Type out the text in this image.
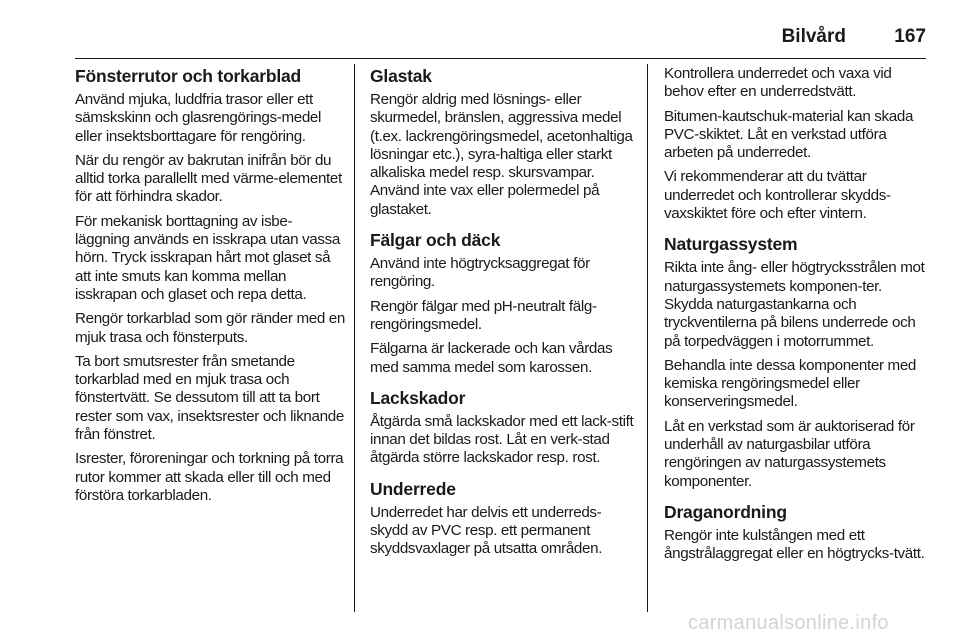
Bilvård	167
Fönsterrutor och torkarblad

Använd mjuka, luddfria trasor eller ett sämskskinn och glasrengörings-medel eller insektsborttagare för rengöring.

När du rengör av bakrutan inifrån bör du alltid torka parallellt med värme-elementet för att förhindra skador.

För mekanisk borttagning av isbe-läggning används en isskrapa utan vassa hörn. Tryck isskrapan hårt mot glaset så att inte smuts kan komma mellan isskrapan och glaset och repa detta.

Rengör torkarblad som gör ränder med en mjuk trasa och fönsterputs.

Ta bort smutsrester från smetande torkarblad med en mjuk trasa och fönstertvätt. Se dessutom till att ta bort rester som vax, insektsrester och liknande från fönstret.

Isrester, föroreningar och torkning på torra rutor kommer att skada eller till och med förstöra torkarbladen.

Glastak

Rengör aldrig med lösnings- eller skurmedel, bränslen, aggressiva medel (t.ex. lackrengöringsmedel, acetonhaltiga lösningar etc.), syra-haltiga eller starkt alkaliska medel resp. skursvampar. Använd inte vax eller polermedel på glastaket.

Fälgar och däck

Använd inte högtrycksaggregat för rengöring.

Rengör fälgar med pH-neutralt fälg-rengöringsmedel.

Fälgarna är lackerade och kan vårdas med samma medel som karossen.

Lackskador

Åtgärda små lackskador med ett lack-stift innan det bildas rost. Låt en verk-stad åtgärda större lackskador resp. rost.

Underrede

Underredet har delvis ett underreds-skydd av PVC resp. ett permanent skyddsvaxlager på utsatta områden.

Kontrollera underredet och vaxa vid behov efter en underredstvätt.

Bitumen-kautschuk-material kan skada PVC-skiktet. Låt en verkstad utföra arbeten på underredet.

Vi rekommenderar att du tvättar underredet och kontrollerar skydds-vaxskiktet före och efter vintern.

Naturgassystem

Rikta inte ång- eller högtrycksstrålen mot naturgassystemets komponen-ter. Skydda naturgastankarna och tryckventilerna på bilens underrede och på torpedväggen i motorrummet.

Behandla inte dessa komponenter med kemiska rengöringsmedel eller konserveringsmedel.

Låt en verkstad som är auktoriserad för underhåll av naturgasbilar utföra rengöringen av naturgassystemets komponenter.

Draganordning

Rengör inte kulstången med ett ångstrålaggregat eller en högtrycks-tvätt.

carmanualsonline.info
